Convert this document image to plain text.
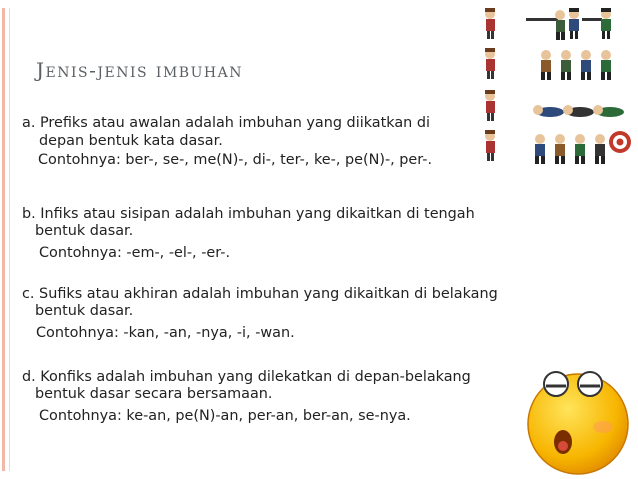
Jenis-jenis imbuhan
a. Prefiks atau awalan adalah imbuhan yang diikatkan di
depan bentuk kata dasar.
Contohnya: ber-, se-, me(N)-, di-, ter-, ke-, pe(N)-, per-.
b. Infiks atau sisipan adalah imbuhan yang dikaitkan di tengah
bentuk dasar.
Contohnya: -em-, -el-, -er-.
c. Sufiks atau akhiran adalah imbuhan yang dikaitkan di belakang
bentuk dasar.
Contohnya: -kan, -an, -nya, -i, -wan.
d. Konfiks adalah imbuhan yang dilekatkan di depan-belakang
bentuk dasar secara bersamaan.
Contohnya: ke-an, pe(N)-an, per-an, ber-an, se-nya.
